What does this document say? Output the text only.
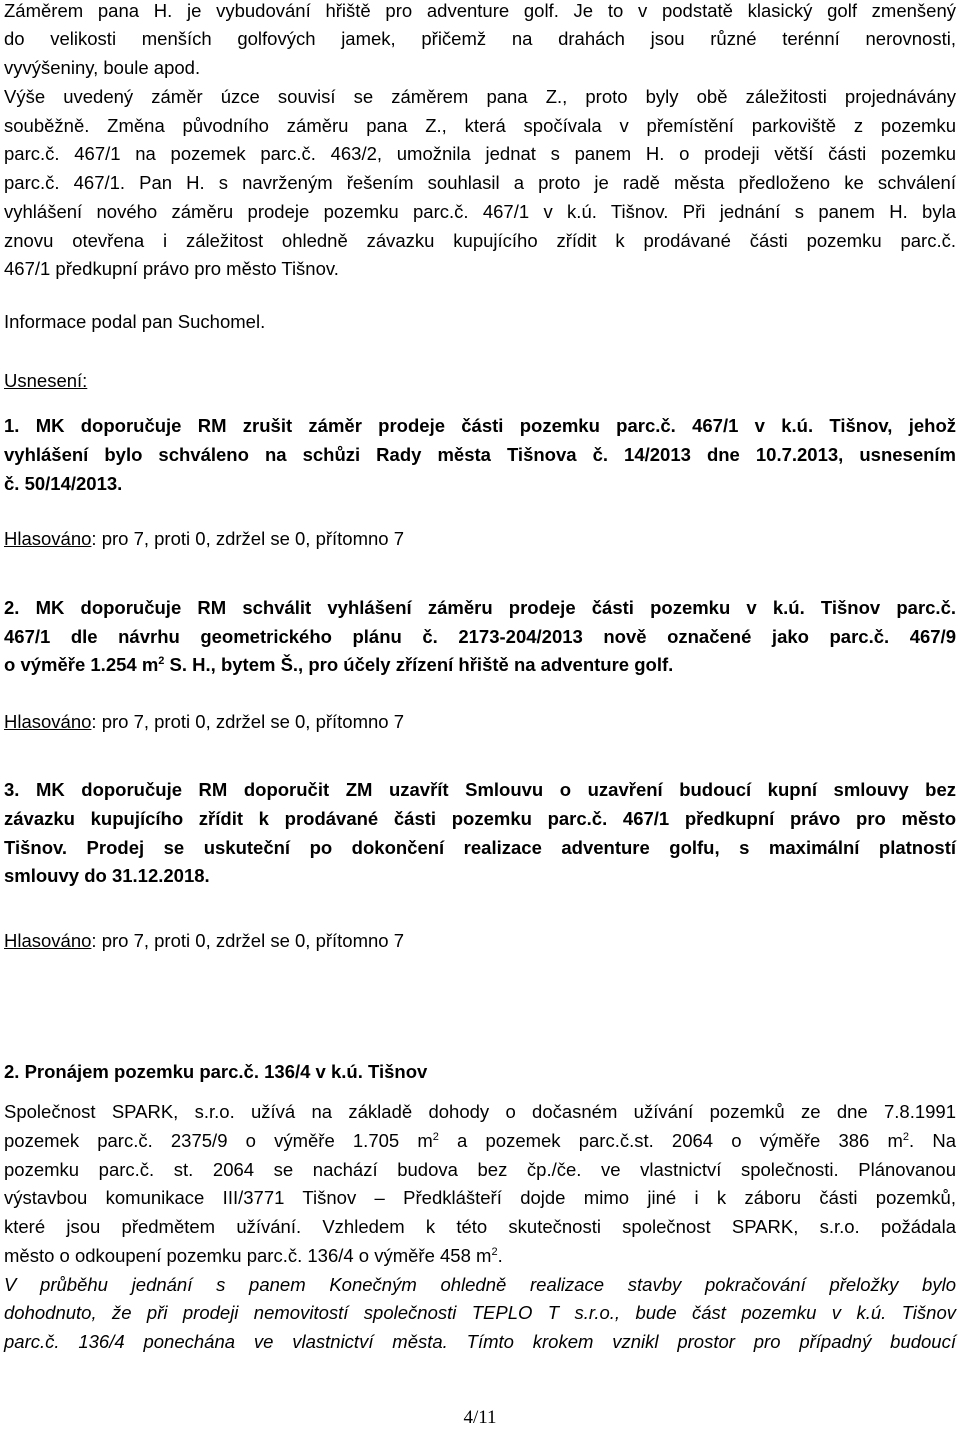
Záměrem pana H. je vybudování hřiště pro adventure golf. Je to v podstatě klasický golf zmenšený
do velikosti menších golfových jamek, přičemž na drahách jsou různé terénní nerovnosti,
vyvýšeniny, boule apod.
Výše uvedený záměr úzce souvisí se záměrem pana Z., proto byly obě záležitosti projednávány
souběžně. Změna původního záměru pana Z., která spočívala v přemístění parkoviště z pozemku
parc.č. 467/1 na pozemek parc.č. 463/2, umožnila jednat s panem H. o prodeji větší části pozemku
parc.č. 467/1. Pan H. s navrženým řešením souhlasil a proto je radě města předloženo ke schválení
vyhlášení nového záměru prodeje pozemku parc.č. 467/1 v k.ú. Tišnov. Při jednání s panem H. byla
znovu otevřena i záležitost ohledně závazku kupujícího zřídit k prodávané části pozemku parc.č.
467/1 předkupní právo pro město Tišnov.
Informace podal pan Suchomel.
Usnesení:
1. MK doporučuje RM zrušit záměr prodeje části pozemku parc.č. 467/1 v k.ú. Tišnov, jehož
vyhlášení bylo schváleno na schůzi Rady města Tišnova č. 14/2013 dne 10.7.2013, usnesením
č. 50/14/2013.
Hlasováno: pro 7, proti 0, zdržel se 0, přítomno 7
2. MK doporučuje RM schválit vyhlášení záměru prodeje části pozemku v k.ú. Tišnov parc.č.
467/1 dle návrhu geometrického plánu č. 2173-204/2013 nově označené jako parc.č. 467/9
o výměře 1.254 $m^2$ S. H., bytem Š., pro účely zřízení hřiště na adventure golf.
Hlasováno: pro 7, proti 0, zdržel se 0, přítomno 7
3. MK doporučuje RM doporučit ZM uzavřít Smlouvu o uzavření budoucí kupní smlouvy bez
závazku kupujícího zřídit k prodávané části pozemku parc.č. 467/1 předkupní právo pro město
Tišnov. Prodej se uskuteční po dokončení realizace adventure golfu, s maximální platností
smlouvy do 31.12.2018.
Hlasováno: pro 7, proti 0, zdržel se 0, přítomno 7
2. Pronájem pozemku parc.č. 136/4 v k.ú. Tišnov
Společnost SPARK, s.r.o. užívá na základě dohody o dočasném užívání pozemků ze dne 7.8.1991
pozemek parc.č. 2375/9 o výměře 1.705 $m^2$ a pozemek parc.č.st. 2064 o výměře 386 $m^2$. Na
pozemku parc.č. st. 2064 se nachází budova bez čp./če. ve vlastnictví společnosti. Plánovanou
výstavbou komunikace III/3771 Tišnov – Předklášteří dojde mimo jiné i k záboru části pozemků,
které jsou předmětem užívání. Vzhledem k této skutečnosti společnost SPARK, s.r.o. požádala
město o odkoupení pozemku parc.č. 136/4 o výměře 458 $m^2$.
V průběhu jednání s panem Konečným ohledně realizace stavby pokračování přeložky bylo
dohodnuto, že při prodeji nemovitostí společnosti TEPLO T s.r.o., bude část pozemku v k.ú. Tišnov
parc.č. 136/4 ponechána ve vlastnictví města. Tímto krokem vznikl prostor pro případný budoucí
4/11
